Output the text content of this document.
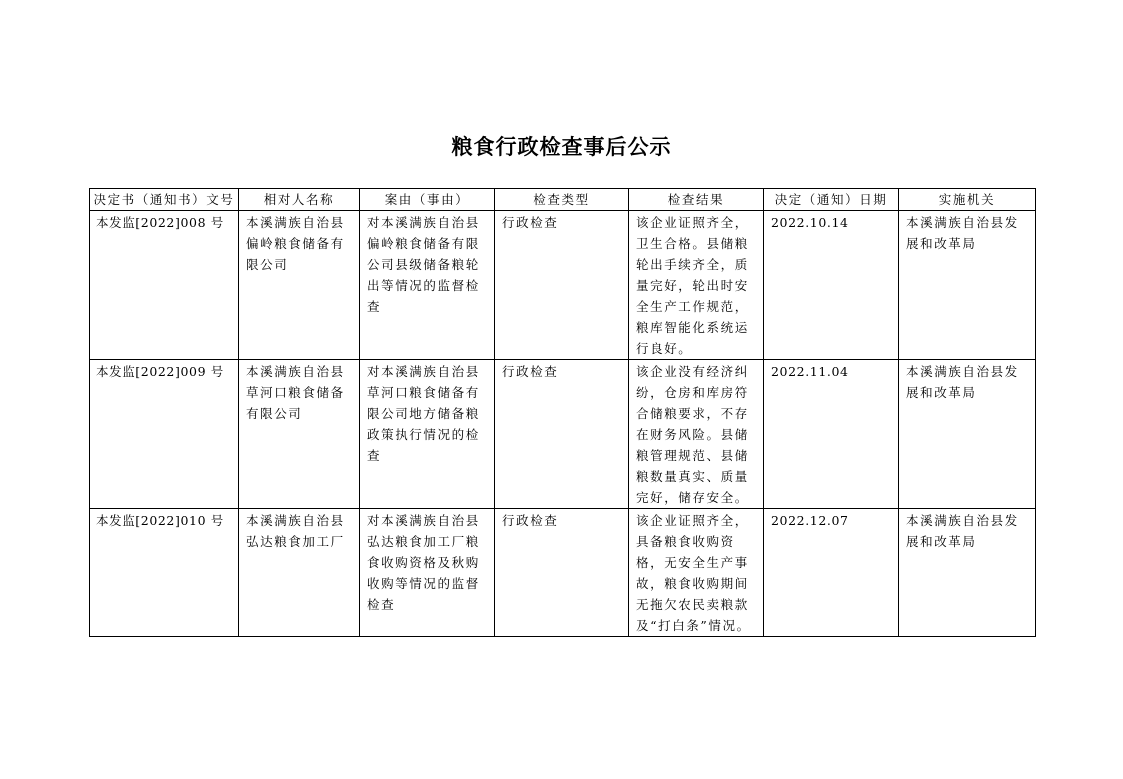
粮食行政检查事后公示
决定书（通知书）文号	相对人名称	案由（事由）	检查类型	检查结果	决定（通知）日期	实施机关
本发监[2022]008 号	本溪满族自治县偏岭粮食储备有限公司	对本溪满族自治县偏岭粮食储备有限公司县级储备粮轮出等情况的监督检查	行政检查	该企业证照齐全，卫生合格。县储粮轮出手续齐全，质量完好，轮出时安全生产工作规范，粮库智能化系统运行良好。	2022.10.14	本溪满族自治县发展和改革局
本发监[2022]009 号	本溪满族自治县草河口粮食储备有限公司	对本溪满族自治县草河口粮食储备有限公司地方储备粮政策执行情况的检查	行政检查	该企业没有经济纠纷，仓房和库房符合储粮要求，不存在财务风险。县储粮管理规范、县储粮数量真实、质量完好，储存安全。	2022.11.04	本溪满族自治县发展和改革局
本发监[2022]010 号	本溪满族自治县弘达粮食加工厂	对本溪满族自治县弘达粮食加工厂粮食收购资格及秋购收购等情况的监督检查	行政检查	该企业证照齐全，具备粮食收购资格，无安全生产事故，粮食收购期间无拖欠农民卖粮款及“打白条”情况。	2022.12.07	本溪满族自治县发展和改革局
